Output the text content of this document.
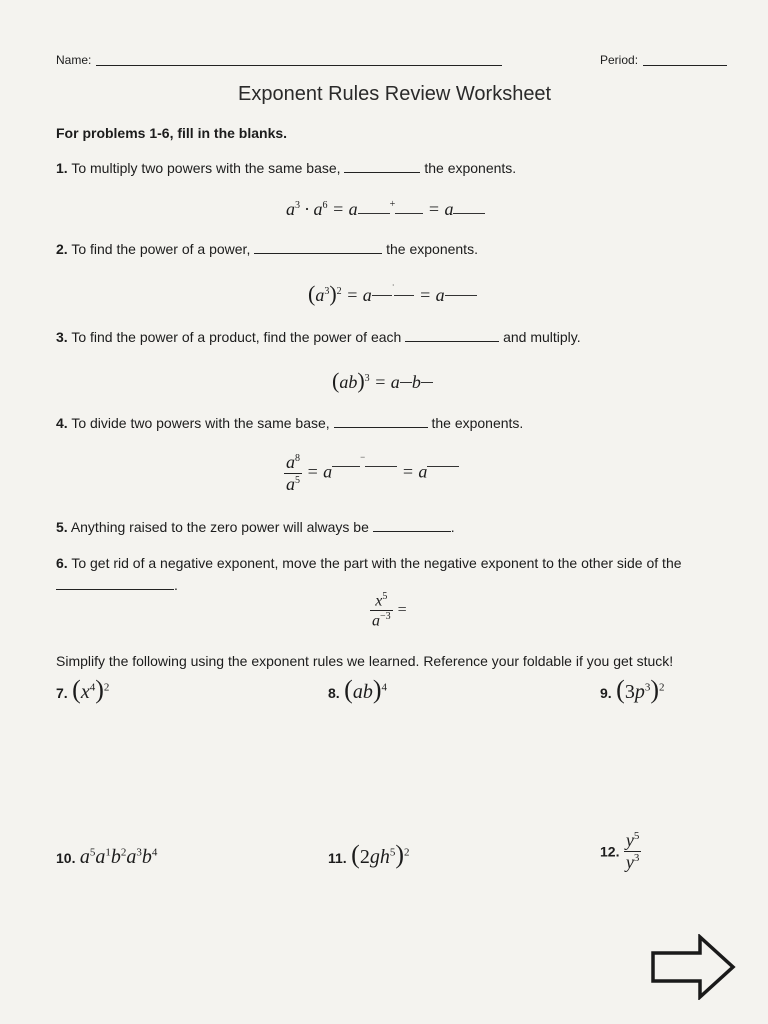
Name:	Period:
Exponent Rules Review Worksheet
For problems 1-6, fill in the blanks.
1. To multiply two powers with the same base,	the exponents.
$a^3 \cdot a^6 = a$	+ = a
2. To find the power of a power,	the exponents.
$(a^3)^2 = a$	· = a
3. To find the power of a product, find the power of each	and multiply.
(ab)$^3$ = a b
4. To divide two powers with the same base,	the exponents.
$\frac{a^8}{a^5} = a^- = a$
5. Anything raised to the zero power will always be	.
6. To get rid of a negative exponent, move the part with the negative exponent to the other side of the
.
$\frac{x^5}{a^{-3}}$ =
Simplify the following using the exponent rules we learned. Reference your foldable if you get stuck!
7. $(x^4)^2$	8. (ab)$^4$	9. $(3p^3)^2$
10. $a^5a^1b^2a^3b^4$	11. $(2gh^5)^2$	12. $\frac{y^5}{y^3}$
